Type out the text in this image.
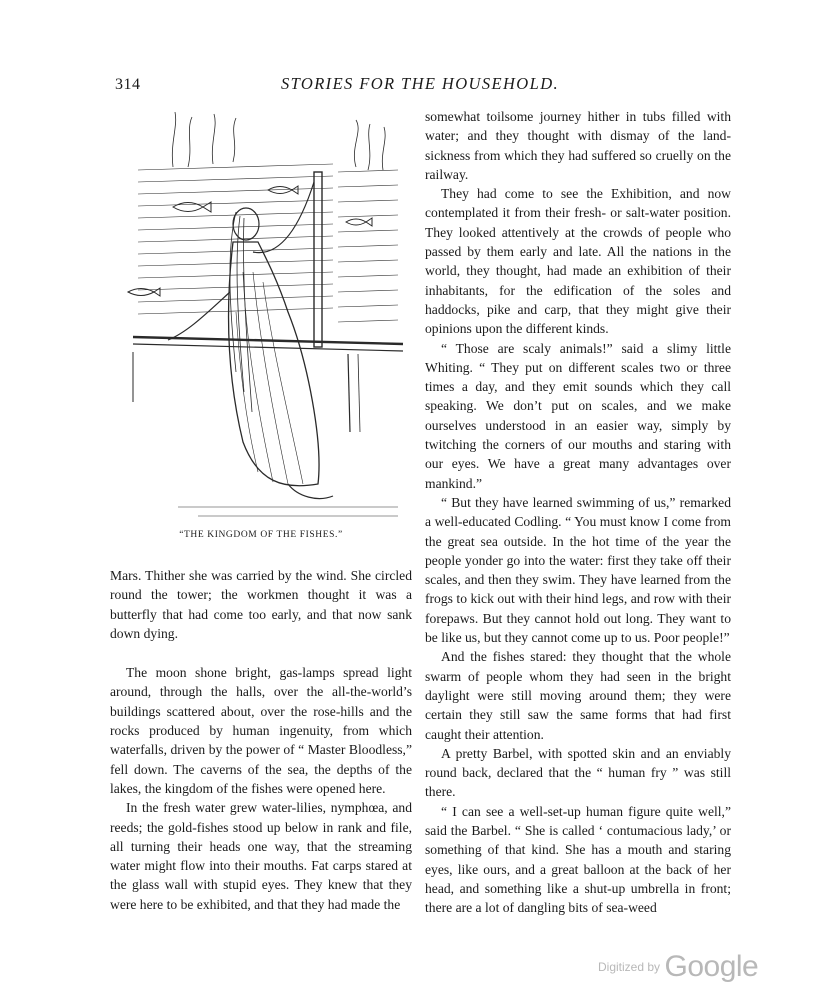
314	STORIES FOR THE HOUSEHOLD.
“THE KINGDOM OF THE FISHES.”

Mars. Thither she was carried by the wind. She circled round the tower; the workmen thought it was a butterfly that had come too early, and that now sank down dying.

The moon shone bright, gas-lamps spread light around, through the halls, over the all-the-world’s buildings scattered about, over the rose-hills and the rocks produced by human ingenuity, from which waterfalls, driven by the power of “ Master Bloodless,” fell down. The caverns of the sea, the depths of the lakes, the kingdom of the fishes were opened here.

In the fresh water grew water-lilies, nymphœa, and reeds; the gold-fishes stood up below in rank and file, all turning their heads one way, that the streaming water might flow into their mouths. Fat carps stared at the glass wall with stupid eyes. They knew that they were here to be exhibited, and that they had made the

somewhat toilsome journey hither in tubs filled with water; and they thought with dismay of the land-sickness from which they had suffered so cruelly on the railway.

They had come to see the Exhibition, and now contemplated it from their fresh- or salt-water position. They looked attentively at the crowds of people who passed by them early and late. All the nations in the world, they thought, had made an exhibition of their inhabitants, for the edification of the soles and haddocks, pike and carp, that they might give their opinions upon the different kinds.

“ Those are scaly animals!” said a slimy little Whiting. “ They put on different scales two or three times a day, and they emit sounds which they call speaking. We don’t put on scales, and we make ourselves understood in an easier way, simply by twitching the corners of our mouths and staring with our eyes. We have a great many advantages over mankind.”

“ But they have learned swimming of us,” remarked a well-educated Codling. “ You must know I come from the great sea outside. In the hot time of the year the people yonder go into the water: first they take off their scales, and then they swim. They have learned from the frogs to kick out with their hind legs, and row with their forepaws. But they cannot hold out long. They want to be like us, but they cannot come up to us. Poor people!”

And the fishes stared: they thought that the whole swarm of people whom they had seen in the bright daylight were still moving around them; they were certain they still saw the same forms that had first caught their attention.

A pretty Barbel, with spotted skin and an enviably round back, declared that the “ human fry ” was still there.

“ I can see a well-set-up human figure quite well,” said the Barbel. “ She is called ‘ contumacious lady,’ or something of that kind. She has a mouth and staring eyes, like ours, and a great balloon at the back of her head, and something like a shut-up umbrella in front; there are a lot of dangling bits of sea-weed

Digitized by Google
